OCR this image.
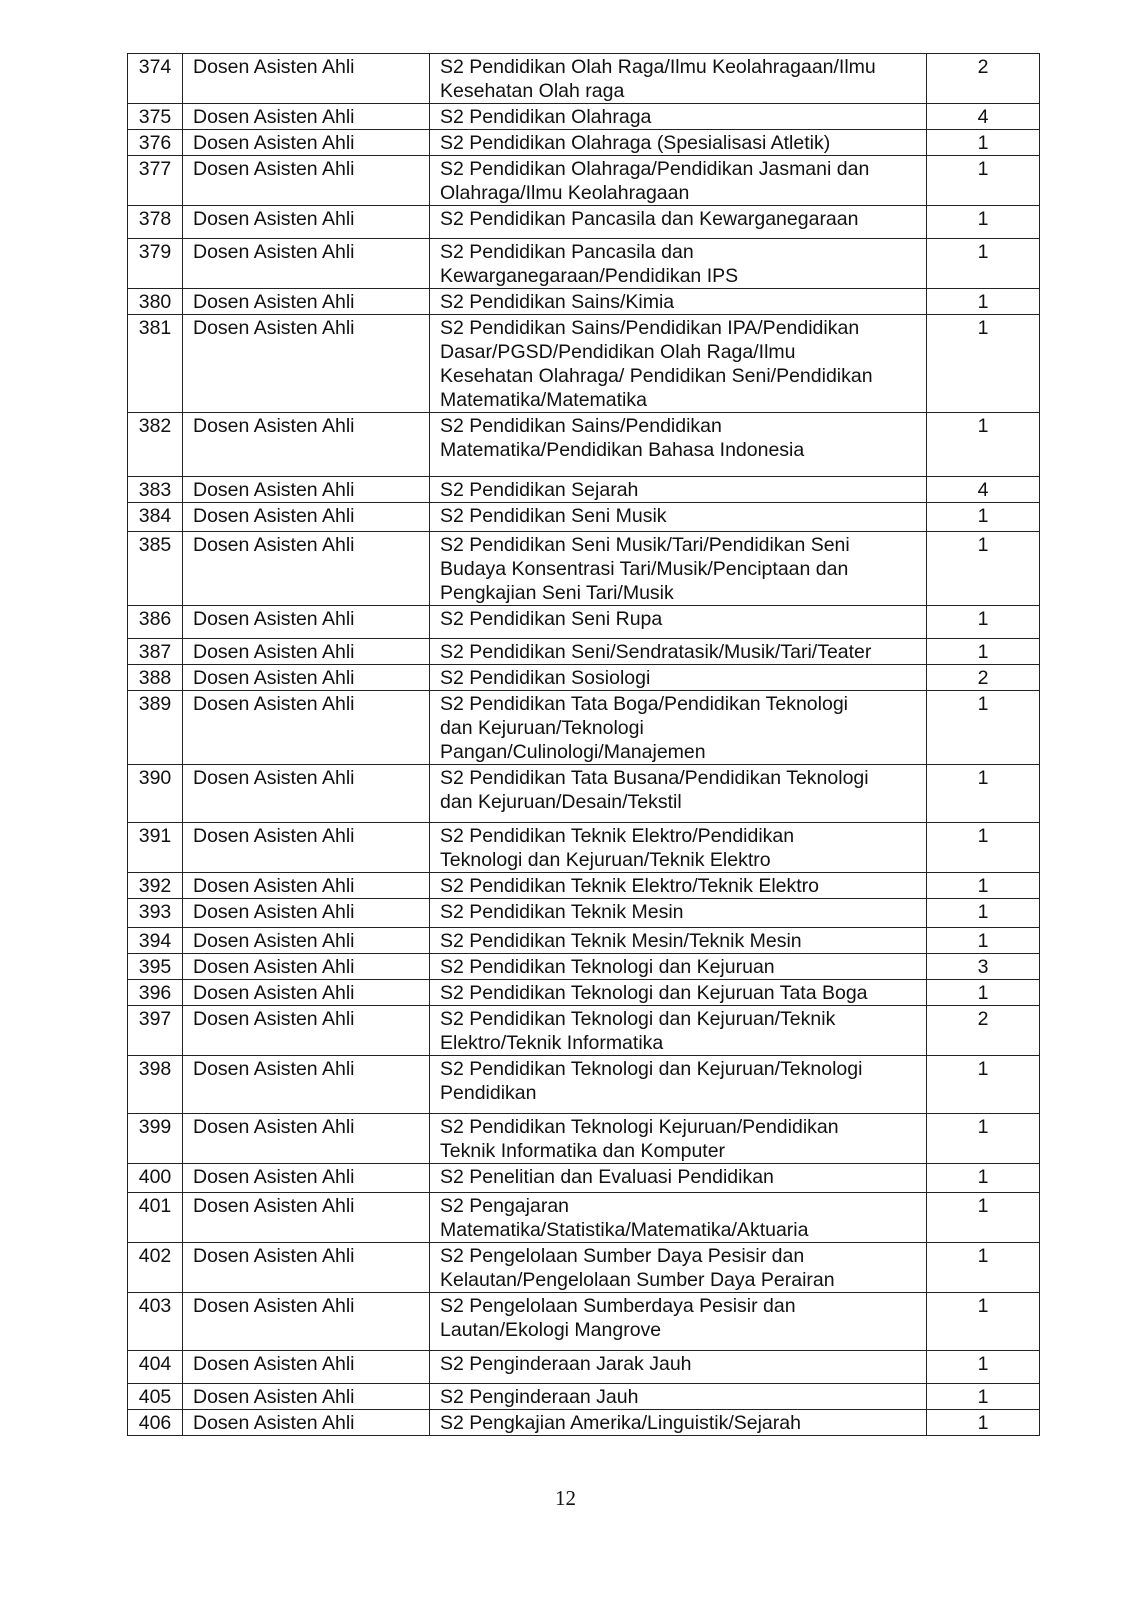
374	Dosen Asisten Ahli	S2 Pendidikan Olah Raga/Ilmu Keolahragaan/Ilmu
Kesehatan Olah raga	2
375	Dosen Asisten Ahli	S2 Pendidikan Olahraga	4
376	Dosen Asisten Ahli	S2 Pendidikan Olahraga (Spesialisasi Atletik)	1
377	Dosen Asisten Ahli	S2 Pendidikan Olahraga/Pendidikan Jasmani dan
Olahraga/Ilmu Keolahragaan	1
378	Dosen Asisten Ahli	S2 Pendidikan Pancasila dan Kewarganegaraan	1
379	Dosen Asisten Ahli	S2 Pendidikan Pancasila dan
Kewarganegaraan/Pendidikan IPS	1
380	Dosen Asisten Ahli	S2 Pendidikan Sains/Kimia	1
381	Dosen Asisten Ahli	S2 Pendidikan Sains/Pendidikan IPA/Pendidikan
Dasar/PGSD/Pendidikan Olah Raga/Ilmu
Kesehatan Olahraga/ Pendidikan Seni/Pendidikan
Matematika/Matematika	1
382	Dosen Asisten Ahli	S2 Pendidikan Sains/Pendidikan
Matematika/Pendidikan Bahasa Indonesia	1
383	Dosen Asisten Ahli	S2 Pendidikan Sejarah	4
384	Dosen Asisten Ahli	S2 Pendidikan Seni Musik	1
385	Dosen Asisten Ahli	S2 Pendidikan Seni Musik/Tari/Pendidikan Seni
Budaya Konsentrasi Tari/Musik/Penciptaan dan
Pengkajian Seni Tari/Musik	1
386	Dosen Asisten Ahli	S2 Pendidikan Seni Rupa	1
387	Dosen Asisten Ahli	S2 Pendidikan Seni/Sendratasik/Musik/Tari/Teater	1
388	Dosen Asisten Ahli	S2 Pendidikan Sosiologi	2
389	Dosen Asisten Ahli	S2 Pendidikan Tata Boga/Pendidikan Teknologi
dan Kejuruan/Teknologi
Pangan/Culinologi/Manajemen	1
390	Dosen Asisten Ahli	S2 Pendidikan Tata Busana/Pendidikan Teknologi
dan Kejuruan/Desain/Tekstil	1
391	Dosen Asisten Ahli	S2 Pendidikan Teknik Elektro/Pendidikan
Teknologi dan Kejuruan/Teknik Elektro	1
392	Dosen Asisten Ahli	S2 Pendidikan Teknik Elektro/Teknik Elektro	1
393	Dosen Asisten Ahli	S2 Pendidikan Teknik Mesin	1
394	Dosen Asisten Ahli	S2 Pendidikan Teknik Mesin/Teknik Mesin	1
395	Dosen Asisten Ahli	S2 Pendidikan Teknologi dan Kejuruan	3
396	Dosen Asisten Ahli	S2 Pendidikan Teknologi dan Kejuruan Tata Boga	1
397	Dosen Asisten Ahli	S2 Pendidikan Teknologi dan Kejuruan/Teknik
Elektro/Teknik Informatika	2
398	Dosen Asisten Ahli	S2 Pendidikan Teknologi dan Kejuruan/Teknologi
Pendidikan	1
399	Dosen Asisten Ahli	S2 Pendidikan Teknologi Kejuruan/Pendidikan
Teknik Informatika dan Komputer	1
400	Dosen Asisten Ahli	S2 Penelitian dan Evaluasi Pendidikan	1
401	Dosen Asisten Ahli	S2 Pengajaran
Matematika/Statistika/Matematika/Aktuaria	1
402	Dosen Asisten Ahli	S2 Pengelolaan Sumber Daya Pesisir dan
Kelautan/Pengelolaan Sumber Daya Perairan	1
403	Dosen Asisten Ahli	S2 Pengelolaan Sumberdaya Pesisir dan
Lautan/Ekologi Mangrove	1
404	Dosen Asisten Ahli	S2 Penginderaan Jarak Jauh	1
405	Dosen Asisten Ahli	S2 Penginderaan Jauh	1
406	Dosen Asisten Ahli	S2 Pengkajian Amerika/Linguistik/Sejarah	1
12
